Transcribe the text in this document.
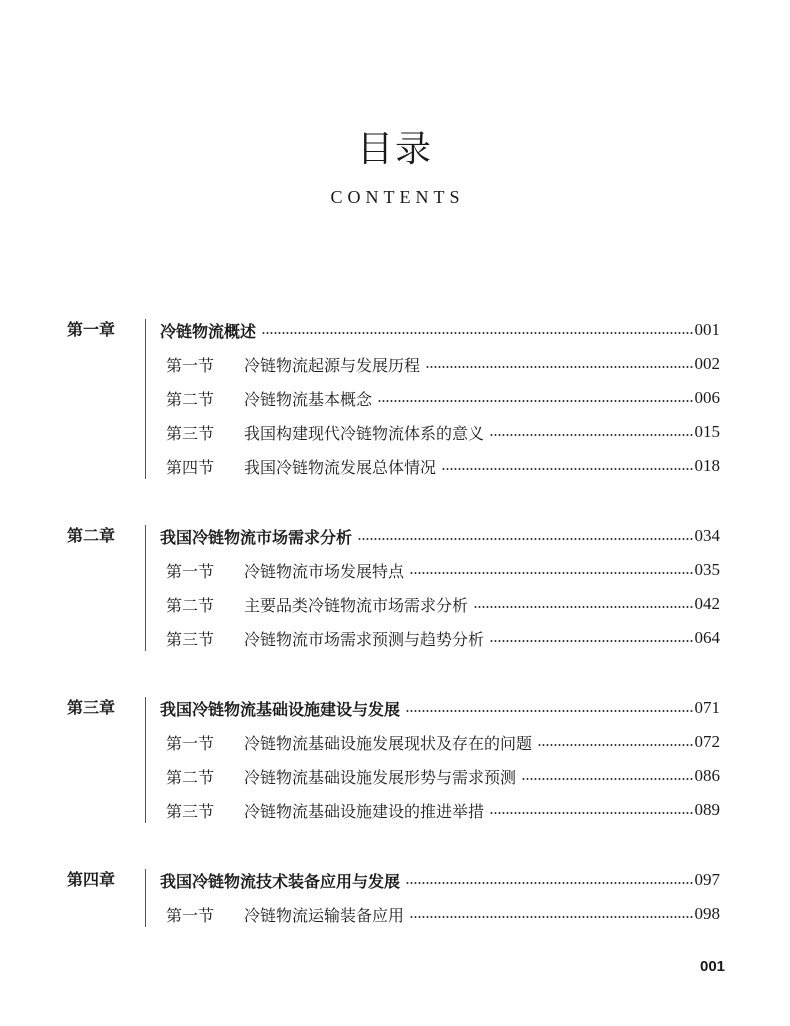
目录
CONTENTS
第一章	冷链物流概述	001
第一节	冷链物流起源与发展历程	002
第二节	冷链物流基本概念	006
第三节	我国构建现代冷链物流体系的意义	015
第四节	我国冷链物流发展总体情况	018
第二章	我国冷链物流市场需求分析	034
第一节	冷链物流市场发展特点	035
第二节	主要品类冷链物流市场需求分析	042
第三节	冷链物流市场需求预测与趋势分析	064
第三章	我国冷链物流基础设施建设与发展	071
第一节	冷链物流基础设施发展现状及存在的问题	072
第二节	冷链物流基础设施发展形势与需求预测	086
第三节	冷链物流基础设施建设的推进举措	089
第四章	我国冷链物流技术装备应用与发展	097
第一节	冷链物流运输装备应用	098
001
